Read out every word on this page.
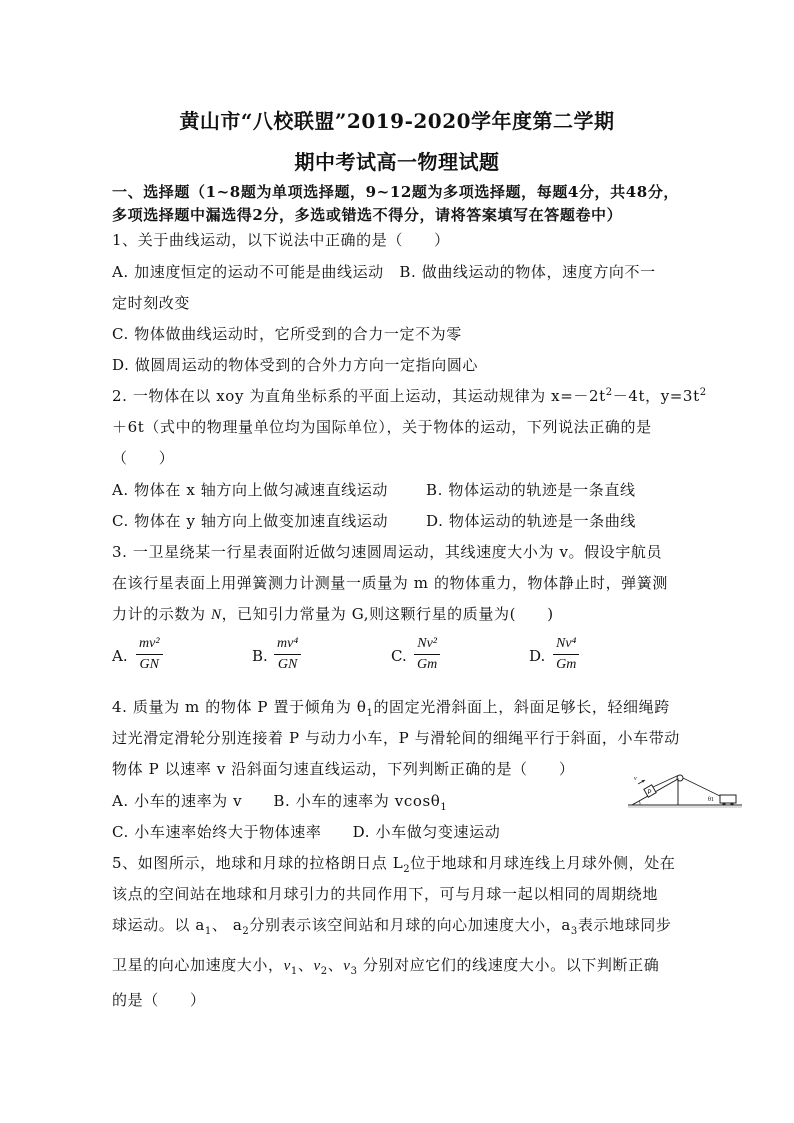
黄山市“八校联盟”2019-2020学年度第二学期
期中考试高一物理试题
一、选择题（1~8题为单项选择题，9~12题为多项选择题，每题4分，共48分，
多项选择题中漏选得2分，多选或错选不得分，请将答案填写在答题卷中）
1、关于曲线运动，以下说法中正确的是（　　）
A. 加速度恒定的运动不可能是曲线运动　B. 做曲线运动的物体，速度方向不一
定时刻改变
C. 物体做曲线运动时，它所受到的合力一定不为零
D. 做圆周运动的物体受到的合外力方向一定指向圆心
2. 一物体在以 xoy 为直角坐标系的平面上运动，其运动规律为 $x=-2t^2-4t$，$y=3t^2$
＋6t（式中的物理量单位均为国际单位），关于物体的运动，下列说法正确的是
（　　）
A. 物体在 x 轴方向上做匀减速直线运动	B. 物体运动的轨迹是一条直线
C. 物体在 y 轴方向上做变加速直线运动	D. 物体运动的轨迹是一条曲线
3. 一卫星绕某一行星表面附近做匀速圆周运动，其线速度大小为 v。假设宇航员
在该行星表面上用弹簧测力计测量一质量为 m 的物体重力，物体静止时，弹簧测
力计的示数为 N，已知引力常量为 G,则这颗行星的质量为(　　)
A. $\frac{\text{mv²}}{GN}$	B. $\frac{\text{mv⁴}}{GN}$	C. $\frac{\text{Nv²}}{Gm}$	D. $\frac{\text{Nv⁴}}{Gm}$
4. 质量为 m 的物体 P 置于倾角为 $\theta_1$的固定光滑斜面上，斜面足够长，轻细绳跨
过光滑定滑轮分别连接着 P 与动力小车，P 与滑轮间的细绳平行于斜面，小车带动
物体 P 以速率 v 沿斜面匀速直线运动，下列判断正确的是（　　）
A. 小车的速率为 v　　B. 小车的速率为 vcosθ$_1$
C. 小车速率始终大于物体速率　　D. 小车做匀变速运动
P
v
θ1
5、如图所示，地球和月球的拉格朗日点 $L_2$位于地球和月球连线上月球外侧，处在
该点的空间站在地球和月球引力的共同作用下，可与月球一起以相同的周期绕地
球运动。以 $a_1$、 $a_2$分别表示该空间站和月球的向心加速度大小，$a_3$表示地球同步
卫星的向心加速度大小，$v_1$、$v_2$、$v_3$ 分别对应它们的线速度大小。以下判断正确
的是（　　）
